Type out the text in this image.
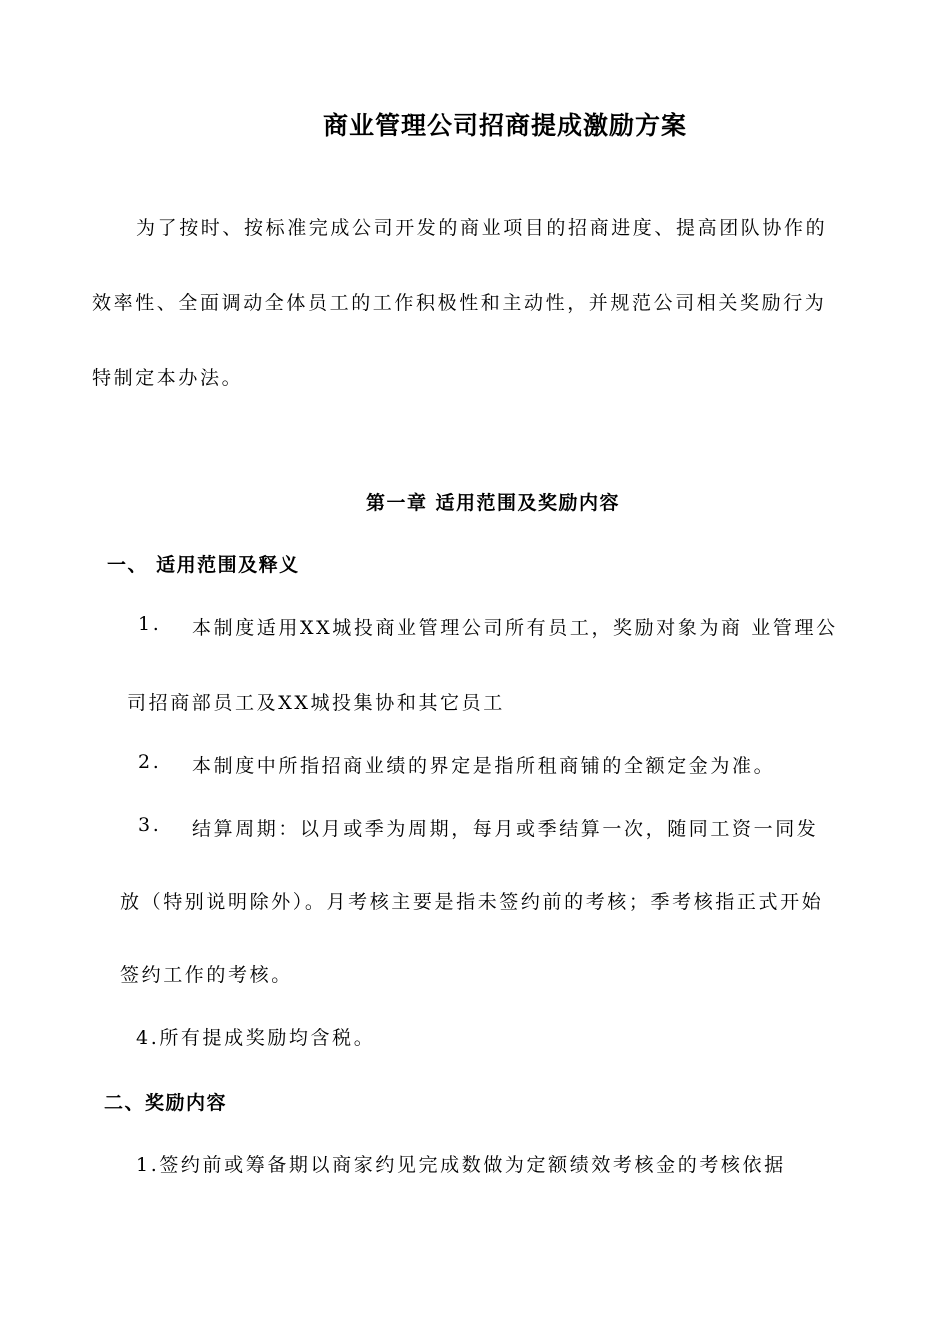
商业管理公司招商提成激励方案
为了按时、按标准完成公司开发的商业项目的招商进度、提高团队协作的
效率性、全面调动全体员工的工作积极性和主动性，并规范公司相关奖励行为
特制定本办法。
第一章 适用范围及奖励内容
一、 适用范围及释义
1. 本制度适用XX城投商业管理公司所有员工，奖励对象为商 业管理公
司招商部员工及XX城投集协和其它员工
2. 本制度中所指招商业绩的界定是指所租商铺的全额定金为准。
3. 结算周期：以月或季为周期，每月或季结算一次，随同工资一同发
放（特别说明除外）。月考核主要是指未签约前的考核；季考核指正式开始
签约工作的考核。
4.所有提成奖励均含税。
二、奖励内容
1.签约前或筹备期以商家约见完成数做为定额绩效考核金的考核依据
